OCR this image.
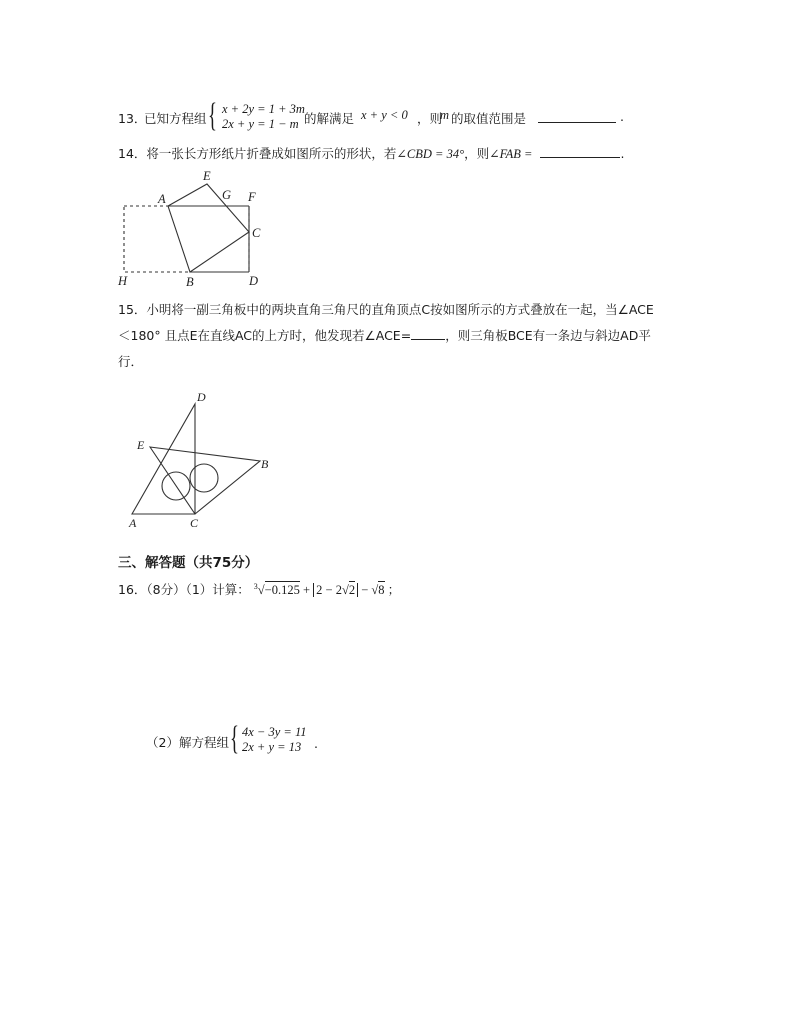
13．
已知方程组 { x + 2y = 1 + 3m
2x + y = 1 − m 的解满足 x + y < 0 ，则
m 的取值范围是	.
14．将一张长方形纸片折叠成如图所示的形状，若∠CBD = 34°，则∠FAB =	.
E
G F
A
C
H	B	D
15．小明将一副三角板中的两块直角三角尺的直角顶点C按如图所示的方式叠放在一起，当∠ACE
＜180° 且点E在直线AC的上方时，他发现若∠ACE=	，则三角板BCE有一条边与斜边AD平
行．
D
E
B
A	C
三、解答题（共75分）
16．（8分）（1）计算： $^3$√−0.125 + 2 − 2√2 − √8 ；
（2）解方程组 { 4x − 3y = 11
2x + y = 13	.
